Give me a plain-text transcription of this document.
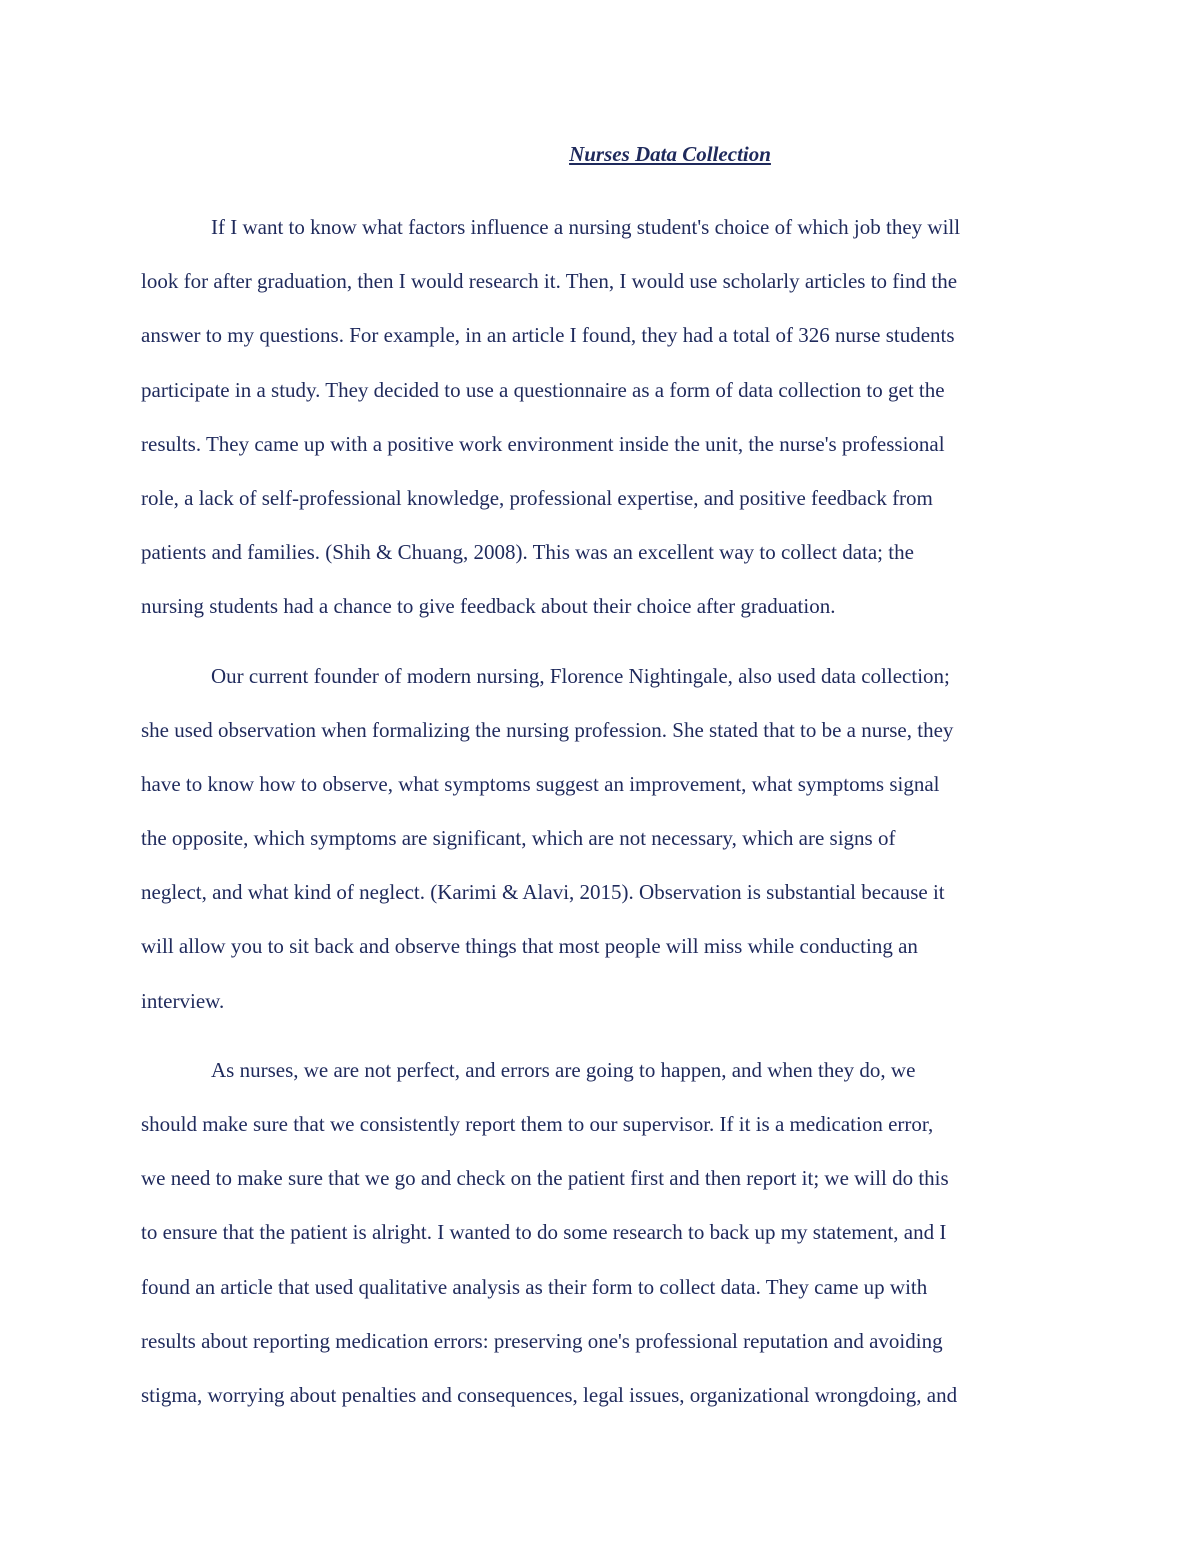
Nurses Data Collection
If I want to know what factors influence a nursing student's choice of which job they will
look for after graduation, then I would research it. Then, I would use scholarly articles to find the
answer to my questions. For example, in an article I found, they had a total of 326 nurse students
participate in a study. They decided to use a questionnaire as a form of data collection to get the
results. They came up with a positive work environment inside the unit, the nurse's professional
role, a lack of self-professional knowledge, professional expertise, and positive feedback from
patients and families. (Shih & Chuang, 2008). This was an excellent way to collect data; the
nursing students had a chance to give feedback about their choice after graduation.
Our current founder of modern nursing, Florence Nightingale, also used data collection;
she used observation when formalizing the nursing profession. She stated that to be a nurse, they
have to know how to observe, what symptoms suggest an improvement, what symptoms signal
the opposite, which symptoms are significant, which are not necessary, which are signs of
neglect, and what kind of neglect. (Karimi & Alavi, 2015). Observation is substantial because it
will allow you to sit back and observe things that most people will miss while conducting an
interview.
As nurses, we are not perfect, and errors are going to happen, and when they do, we
should make sure that we consistently report them to our supervisor. If it is a medication error,
we need to make sure that we go and check on the patient first and then report it; we will do this
to ensure that the patient is alright. I wanted to do some research to back up my statement, and I
found an article that used qualitative analysis as their form to collect data. They came up with
results about reporting medication errors: preserving one's professional reputation and avoiding
stigma, worrying about penalties and consequences, legal issues, organizational wrongdoing, and
